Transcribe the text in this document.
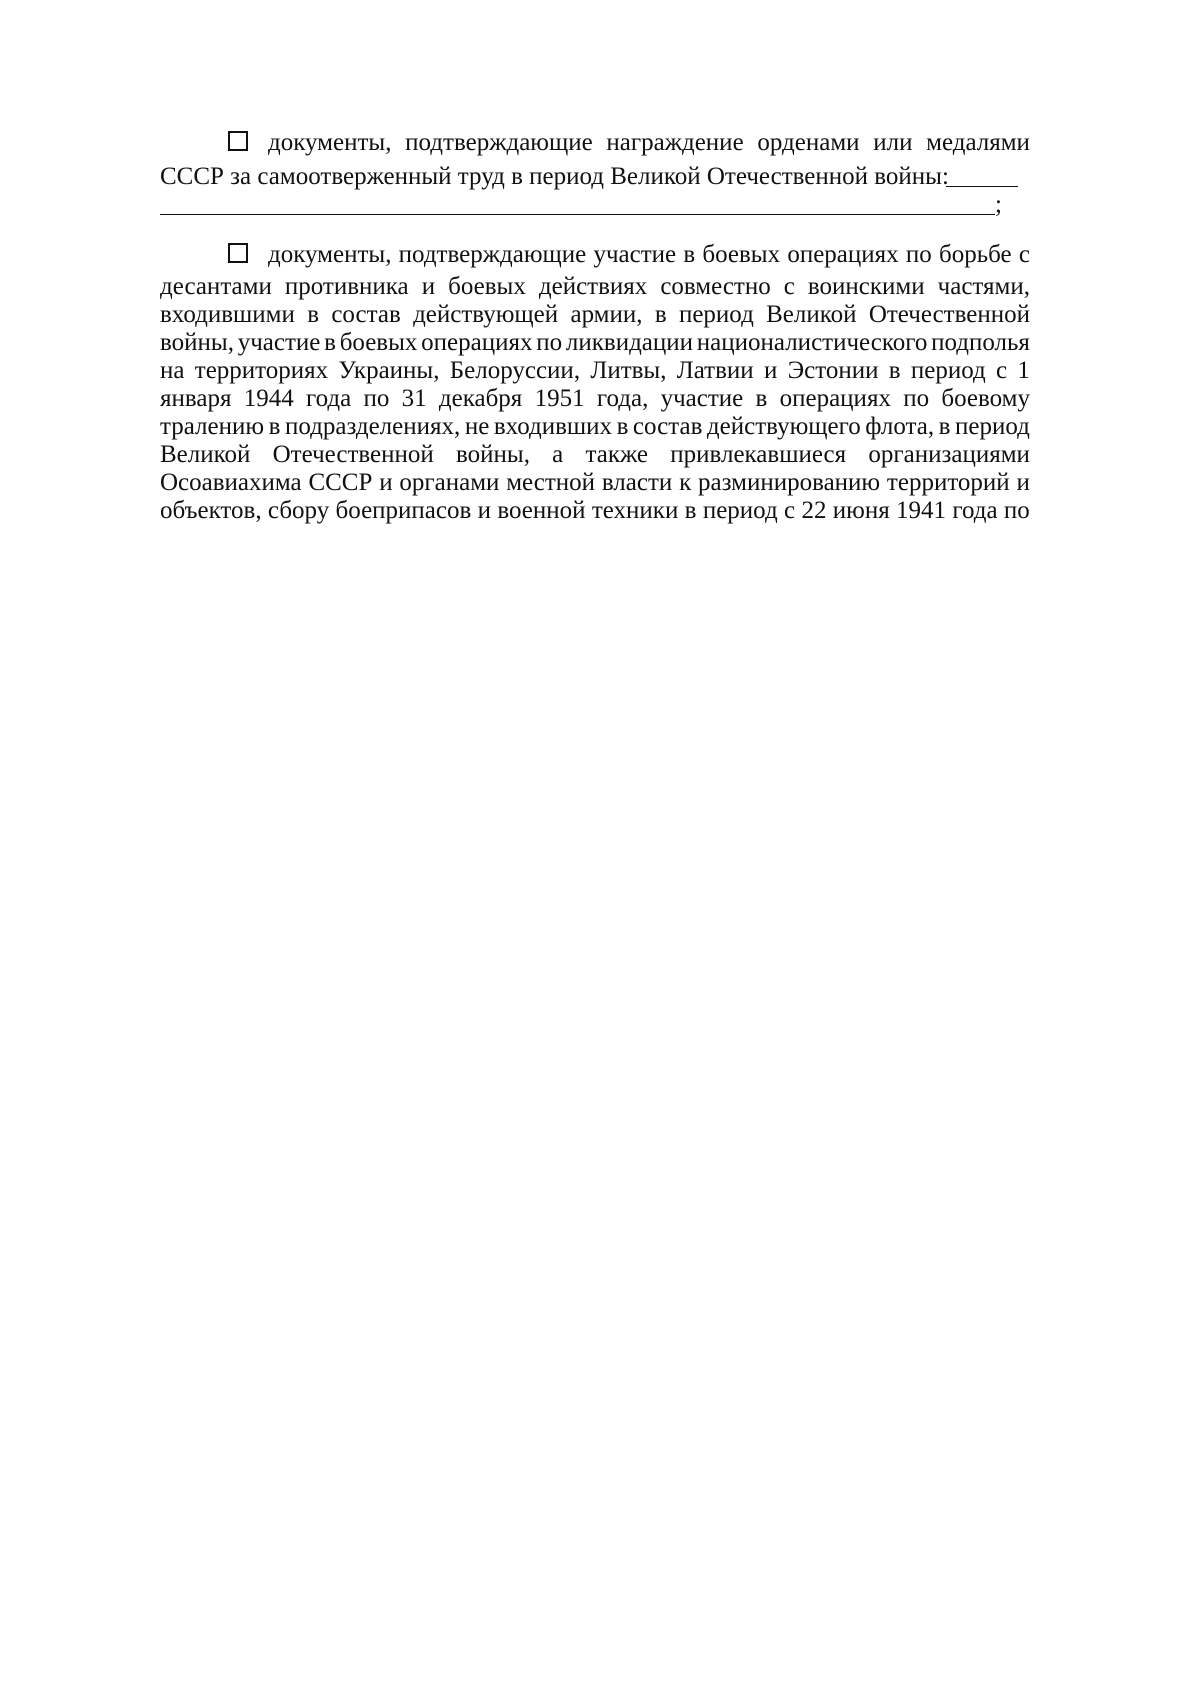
документы, подтверждающие награждение орденами или медалями
СССР за самоотверженный труд в период Великой Отечественной войны:
;
документы, подтверждающие участие в боевых операциях по борьбе с
десантами противника и боевых действиях совместно с воинскими частями,
входившими в состав действующей армии, в период Великой Отечественной
войны, участие в боевых операциях по ликвидации националистического подполья
на территориях Украины, Белоруссии, Литвы, Латвии и Эстонии в период с 1
января 1944 года по 31 декабря 1951 года, участие в операциях по боевому
тралению в подразделениях, не входивших в состав действующего флота, в период
Великой Отечественной войны, а также привлекавшиеся организациями
Осоавиахима СССР и органами местной власти к разминированию территорий и
объектов, сбору боеприпасов и военной техники в период с 22 июня 1941 года по
